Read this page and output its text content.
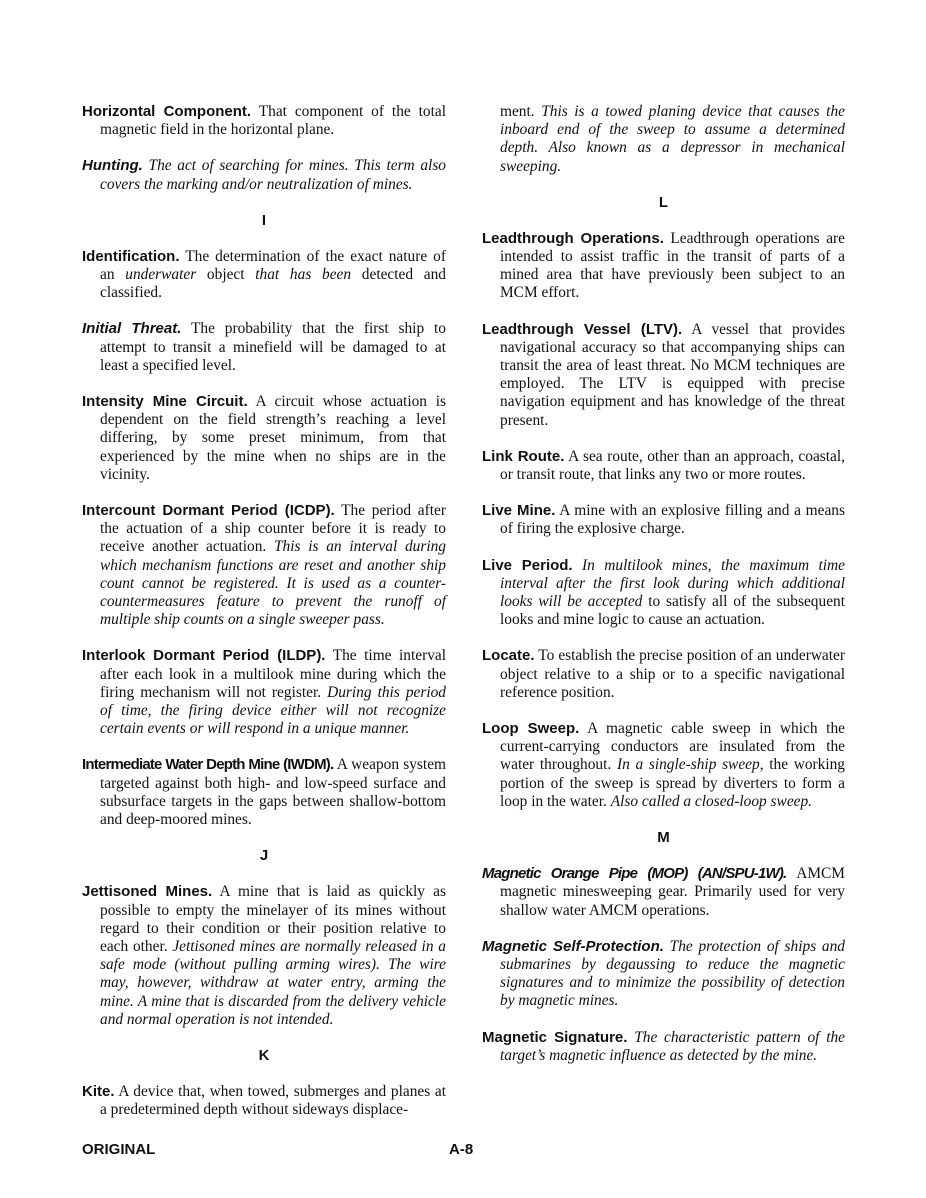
Horizontal Component. That component of the total magnetic field in the horizontal plane.

Hunting. The act of searching for mines. This term also covers the marking and/or neutralization of mines.

I

Identification. The determination of the exact nature of an underwater object that has been detected and classified.

Initial Threat. The probability that the first ship to attempt to transit a minefield will be damaged to at least a specified level.

Intensity Mine Circuit. A circuit whose actuation is dependent on the field strength’s reaching a level differing, by some preset minimum, from that experienced by the mine when no ships are in the vicinity.

Intercount Dormant Period (ICDP). The period after the actuation of a ship counter before it is ready to receive another actuation. This is an interval during which mechanism functions are reset and another ship count cannot be registered. It is used as a counter-countermeasures feature to prevent the runoff of multiple ship counts on a single sweeper pass.

Interlook Dormant Period (ILDP). The time interval after each look in a multilook mine during which the firing mechanism will not register. During this period of time, the firing device either will not recognize certain events or will respond in a unique manner.

Intermediate Water Depth Mine (IWDM). A weapon system targeted against both high- and low-speed surface and subsurface targets in the gaps between shallow-bottom and deep-moored mines.

J

Jettisoned Mines. A mine that is laid as quickly as possible to empty the minelayer of its mines without regard to their condition or their position relative to each other. Jettisoned mines are normally released in a safe mode (without pulling arming wires). The wire may, however, withdraw at water entry, arming the mine. A mine that is discarded from the delivery vehicle and normal operation is not intended.

K

Kite. A device that, when towed, submerges and planes at a predetermined depth without sideways displace-

ment. This is a towed planing device that causes the inboard end of the sweep to assume a determined depth. Also known as a depressor in mechanical sweeping.

L

Leadthrough Operations. Leadthrough operations are intended to assist traffic in the transit of parts of a mined area that have previously been subject to an MCM effort.

Leadthrough Vessel (LTV). A vessel that provides navigational accuracy so that accompanying ships can transit the area of least threat. No MCM techniques are employed. The LTV is equipped with precise navigation equipment and has knowledge of the threat present.

Link Route. A sea route, other than an approach, coastal, or transit route, that links any two or more routes.

Live Mine. A mine with an explosive filling and a means of firing the explosive charge.

Live Period. In multilook mines, the maximum time interval after the first look during which additional looks will be accepted to satisfy all of the subsequent looks and mine logic to cause an actuation.

Locate. To establish the precise position of an underwater object relative to a ship or to a specific navigational reference position.

Loop Sweep. A magnetic cable sweep in which the current-carrying conductors are insulated from the water throughout. In a single-ship sweep, the working portion of the sweep is spread by diverters to form a loop in the water. Also called a closed-loop sweep.

M

Magnetic Orange Pipe (MOP) (AN/SPU-1W). AMCM magnetic minesweeping gear. Primarily used for very shallow water AMCM operations.

Magnetic Self-Protection. The protection of ships and submarines by degaussing to reduce the magnetic signatures and to minimize the possibility of detection by magnetic mines.

Magnetic Signature. The characteristic pattern of the target’s magnetic influence as detected by the mine.

ORIGINAL	A-8
